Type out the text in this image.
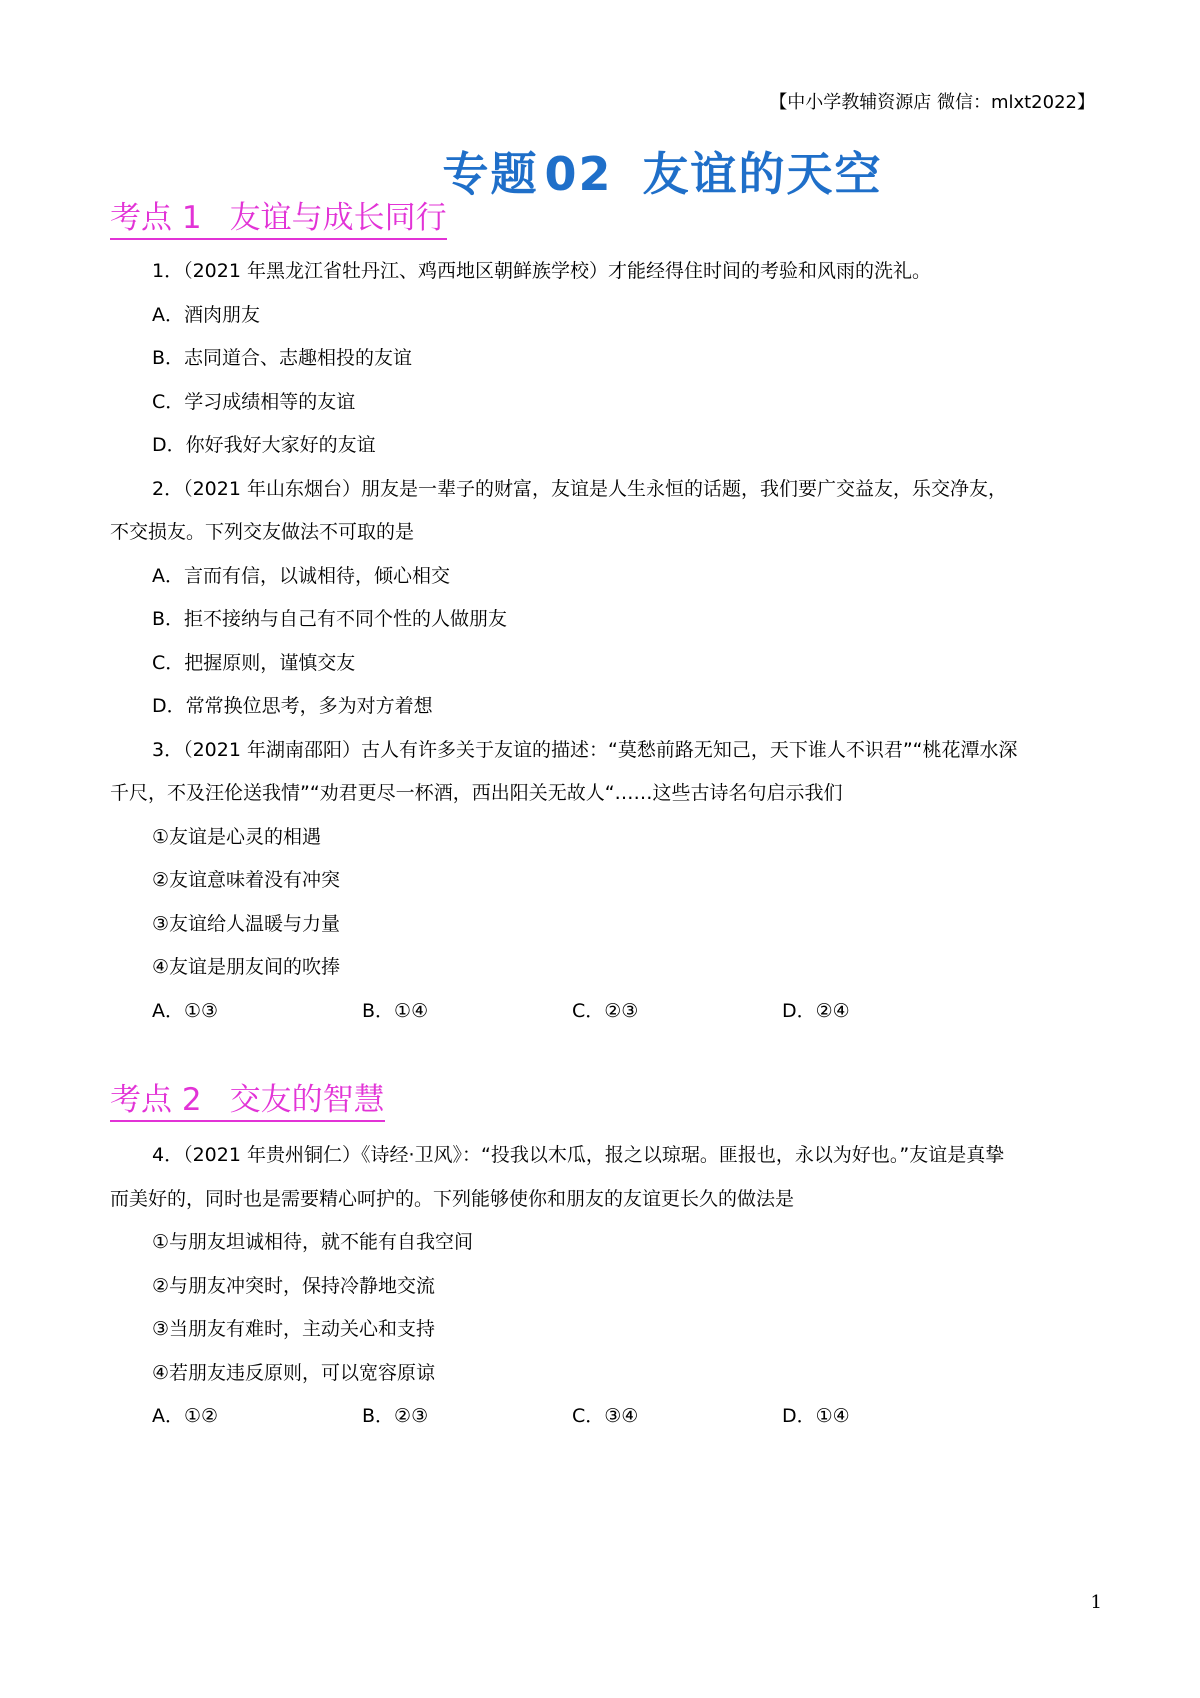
【中小学教辅资源店 微信：mlxt2022】
专题 02 友谊的天空
考点 1 友谊与成长同行
1．（2021 年黑龙江省牡丹江、鸡西地区朝鲜族学校）才能经得住时间的考验和风雨的洗礼。
A．酒肉朋友
B．志同道合、志趣相投的友谊
C．学习成绩相等的友谊
D．你好我好大家好的友谊
2．（2021 年山东烟台）朋友是一辈子的财富，友谊是人生永恒的话题，我们要广交益友，乐交净友，
不交损友。下列交友做法不可取的是
A．言而有信，以诚相待，倾心相交
B．拒不接纳与自己有不同个性的人做朋友
C．把握原则，谨慎交友
D．常常换位思考，多为对方着想
3．（2021 年湖南邵阳）古人有许多关于友谊的描述：“莫愁前路无知己，天下谁人不识君”“桃花潭水深
千尺，不及汪伦送我情”“劝君更尽一杯酒，西出阳关无故人“……这些古诗名句启示我们
①友谊是心灵的相遇
②友谊意味着没有冲突
③友谊给人温暖与力量
④友谊是朋友间的吹捧
A．①③	B．①④	C．②③	D．②④
考点 2 交友的智慧
4．（2021 年贵州铜仁）《诗经·卫风》：“投我以木瓜，报之以琼琚。匪报也，永以为好也。”友谊是真挚
而美好的，同时也是需要精心呵护的。下列能够使你和朋友的友谊更长久的做法是
①与朋友坦诚相待，就不能有自我空间
②与朋友冲突时，保持冷静地交流
③当朋友有难时，主动关心和支持
④若朋友违反原则，可以宽容原谅
A．①②	B．②③	C．③④	D．①④
1
